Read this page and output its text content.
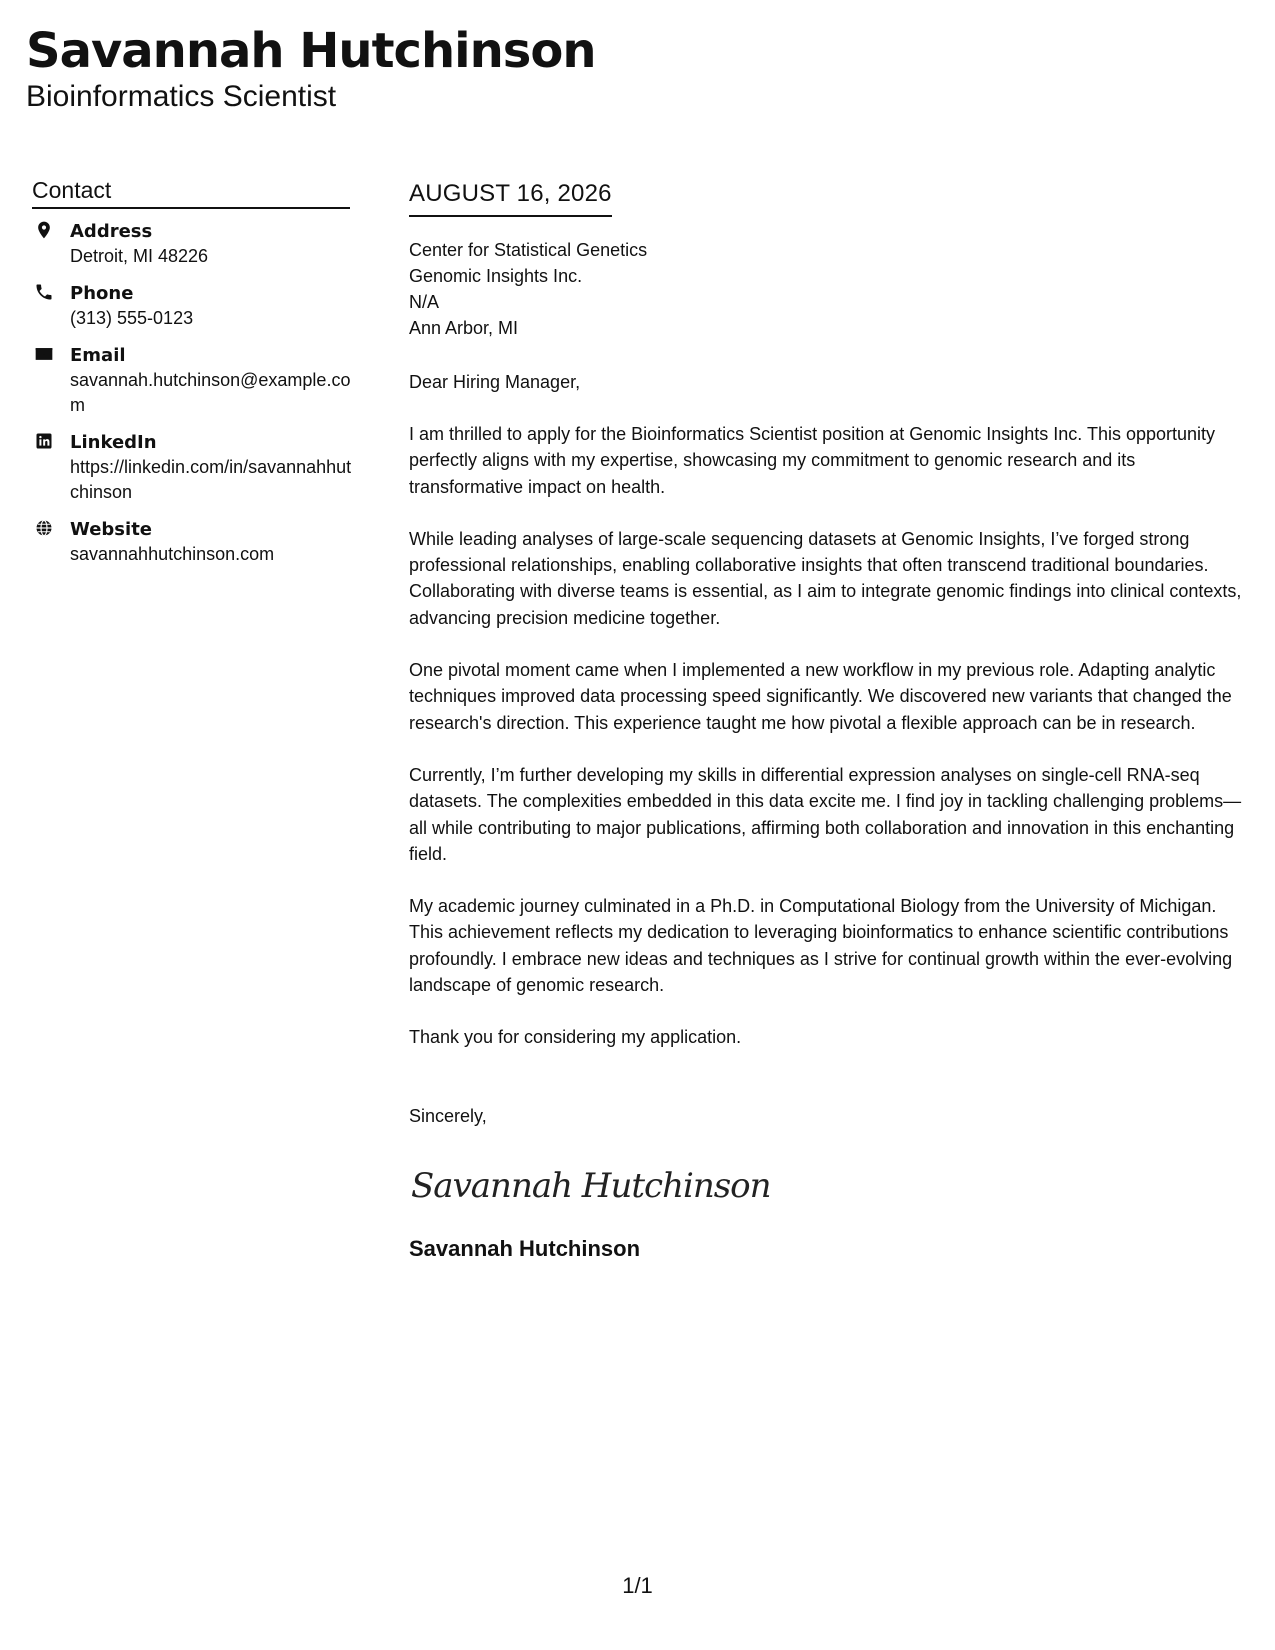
Savannah Hutchinson
Bioinformatics Scientist
Contact
Address
Detroit, MI 48226
Phone
(313) 555-0123
Email
savannah.hutchinson@example.com
LinkedIn
https://linkedin.com/in/savannahhutchinson
Website
savannahhutchinson.com
AUGUST 16, 2026
Center for Statistical Genetics
Genomic Insights Inc.
N/A
Ann Arbor, MI
Dear Hiring Manager,
I am thrilled to apply for the Bioinformatics Scientist position at Genomic Insights Inc. This opportunity perfectly aligns with my expertise, showcasing my commitment to genomic research and its transformative impact on health.
While leading analyses of large-scale sequencing datasets at Genomic Insights, I’ve forged strong professional relationships, enabling collaborative insights that often transcend traditional boundaries. Collaborating with diverse teams is essential, as I aim to integrate genomic findings into clinical contexts, advancing precision medicine together.
One pivotal moment came when I implemented a new workflow in my previous role. Adapting analytic techniques improved data processing speed significantly. We discovered new variants that changed the research's direction. This experience taught me how pivotal a flexible approach can be in research.
Currently, I’m further developing my skills in differential expression analyses on single-cell RNA-seq datasets. The complexities embedded in this data excite me. I find joy in tackling challenging problems—all while contributing to major publications, affirming both collaboration and innovation in this enchanting field.
My academic journey culminated in a Ph.D. in Computational Biology from the University of Michigan. This achievement reflects my dedication to leveraging bioinformatics to enhance scientific contributions profoundly. I embrace new ideas and techniques as I strive for continual growth within the ever-evolving landscape of genomic research.
Thank you for considering my application.
Sincerely,
Savannah Hutchinson
Savannah Hutchinson
1/1
